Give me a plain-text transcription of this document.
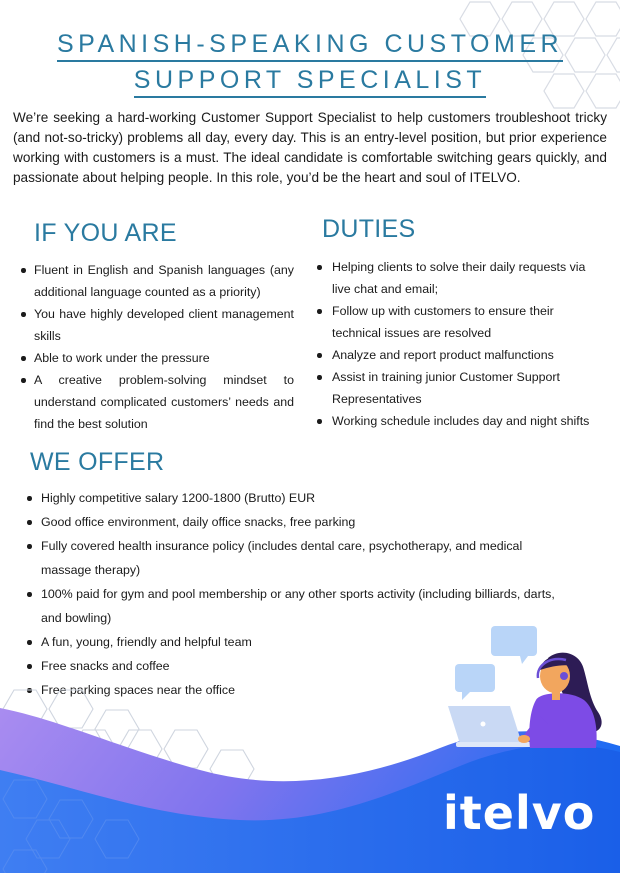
SPANISH-SPEAKING CUSTOMER
SUPPORT SPECIALIST
We’re seeking a hard-working Customer Support Specialist to help customers troubleshoot tricky (and not-so-tricky) problems all day, every day. This is an entry-level position, but prior experience working with customers is a must. The ideal candidate is comfortable switching gears quickly, and passionate about helping people. In this role, you’d be the heart and soul of ITELVO.
IF YOU ARE
Fluent in English and Spanish languages (any additional language counted as a priority)
You have highly developed client management skills
Able to work under the pressure
A creative problem-solving mindset to understand complicated customers’ needs and find the best solution
DUTIES
Helping clients to solve their daily requests via live chat and email;
Follow up with customers to ensure their technical issues are resolved
Analyze and report product malfunctions
Assist in training junior Customer Support Representatives
Working schedule includes day and night shifts
WE OFFER
Highly competitive salary 1200-1800 (Brutto) EUR
Good office environment, daily office snacks, free parking
Fully covered health insurance policy (includes dental care, psychotherapy, and medical massage therapy)
100% paid for gym and pool membership or any other sports activity (including billiards, darts, and bowling)
A fun, young, friendly and helpful team
Free snacks and coffee
Free parking spaces near the office
itelvo
